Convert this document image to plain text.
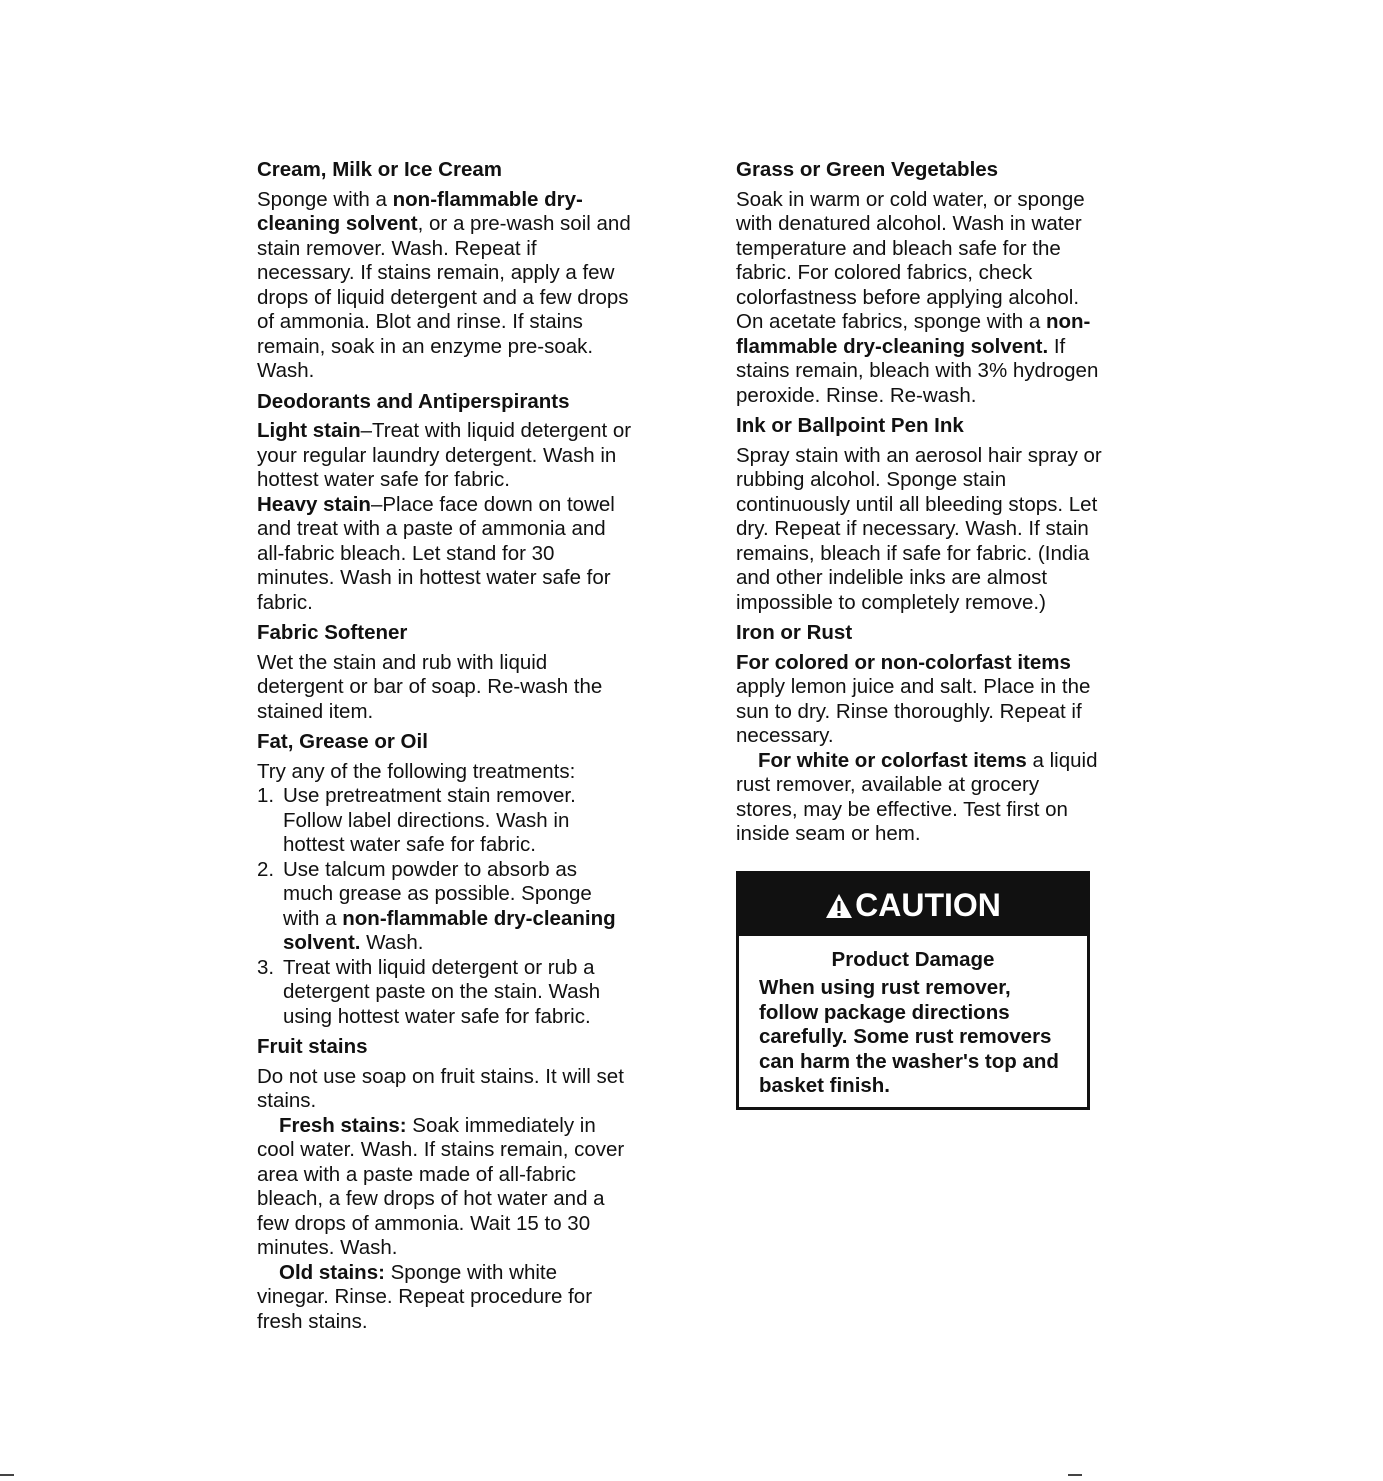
Cream, Milk or Ice Cream

Sponge with a non-flammable dry-cleaning solvent, or a pre-wash soil and stain remover. Wash. Repeat if necessary. If stains remain, apply a few drops of liquid detergent and a few drops of ammonia. Blot and rinse. If stains remain, soak in an enzyme pre-soak. Wash.

Deodorants and Antiperspirants

Light stain–Treat with liquid detergent or your regular laundry detergent. Wash in hottest water safe for fabric.

Heavy stain–Place face down on towel and treat with a paste of ammonia and all-fabric bleach. Let stand for 30 minutes. Wash in hottest water safe for fabric.

Fabric Softener

Wet the stain and rub with liquid detergent or bar of soap. Re-wash the stained item.

Fat, Grease or Oil

Try any of the following treatments:

1. Use pretreatment stain remover. Follow label directions. Wash in hottest water safe for fabric.
2. Use talcum powder to absorb as much grease as possible. Sponge with a non-flammable dry-cleaning solvent. Wash.
3. Treat with liquid detergent or rub a detergent paste on the stain. Wash using hottest water safe for fabric.
Fruit stains

Do not use soap on fruit stains. It will set stains.

Fresh stains: Soak immediately in cool water. Wash. If stains remain, cover area with a paste made of all-fabric bleach, a few drops of hot water and a few drops of ammonia. Wait 15 to 30 minutes. Wash.

Old stains: Sponge with white vinegar. Rinse. Repeat procedure for fresh stains.

Grass or Green Vegetables

Soak in warm or cold water, or sponge with denatured alcohol. Wash in water temperature and bleach safe for the fabric. For colored fabrics, check colorfastness before applying alcohol. On acetate fabrics, sponge with a non-flammable dry-cleaning solvent. If stains remain, bleach with 3% hydrogen peroxide. Rinse. Re-wash.

Ink or Ballpoint Pen Ink

Spray stain with an aerosol hair spray or rubbing alcohol. Sponge stain continuously until all bleeding stops. Let dry. Repeat if necessary. Wash. If stain remains, bleach if safe for fabric. (India and other indelible inks are almost impossible to completely remove.)

Iron or Rust

For colored or non-colorfast items apply lemon juice and salt. Place in the sun to dry. Rinse thoroughly. Repeat if necessary.

For white or colorfast items a liquid rust remover, available at grocery stores, may be effective. Test first on inside seam or hem.

CAUTION
Product Damage

When using rust remover, follow package directions carefully. Some rust removers can harm the washer's top and basket finish.
